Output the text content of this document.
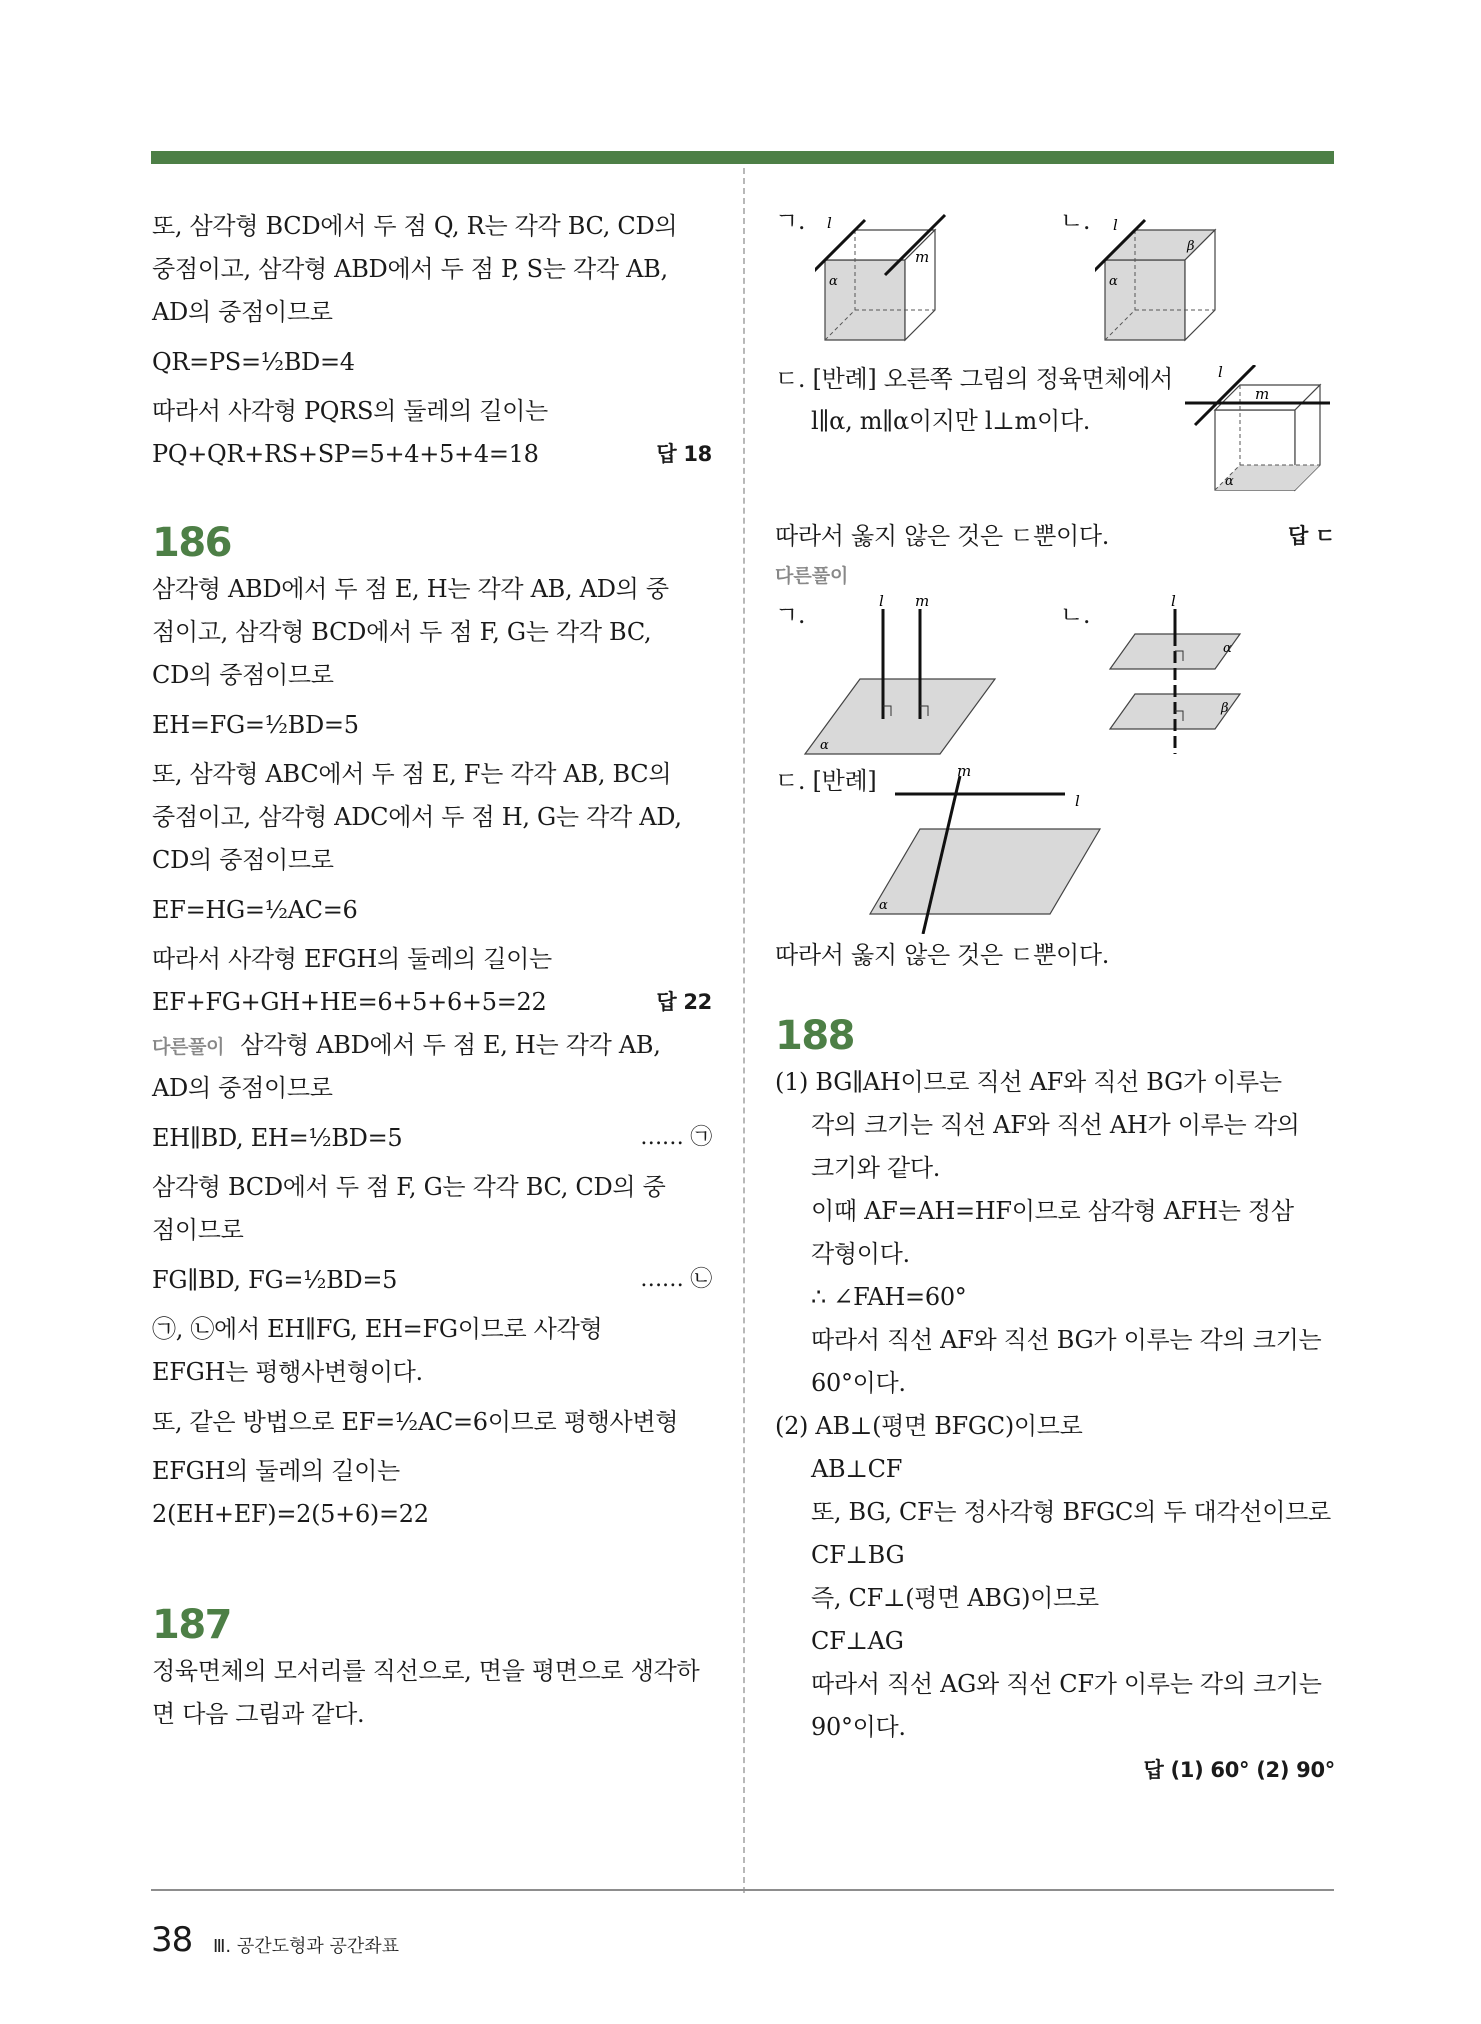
또, 삼각형 BCD에서 두 점 Q, R는 각각 BC, CD의
중점이고, 삼각형 ABD에서 두 점 P, S는 각각 AB,
AD의 중점이므로
QR=PS=½BD=4
따라서 사각형 PQRS의 둘레의 길이는
PQ+QR+RS+SP=5+4+5+4=18	답 18
186
삼각형 ABD에서 두 점 E, H는 각각 AB, AD의 중
점이고, 삼각형 BCD에서 두 점 F, G는 각각 BC,
CD의 중점이므로
EH=FG=½BD=5
또, 삼각형 ABC에서 두 점 E, F는 각각 AB, BC의
중점이고, 삼각형 ADC에서 두 점 H, G는 각각 AD,
CD의 중점이므로
EF=HG=½AC=6
따라서 사각형 EFGH의 둘레의 길이는
EF+FG+GH+HE=6+5+6+5=22	답 22
다른풀이 삼각형 ABD에서 두 점 E, H는 각각 AB,
AD의 중점이므로
EH∥BD, EH=½BD=5	…… ㉠
삼각형 BCD에서 두 점 F, G는 각각 BC, CD의 중
점이므로
FG∥BD, FG=½BD=5	…… ㉡
㉠, ㉡에서 EH∥FG, EH=FG이므로 사각형
EFGH는 평행사변형이다.
또, 같은 방법으로 EF=½AC=6이므로 평행사변형
EFGH의 둘레의 길이는
2(EH+EF)=2(5+6)=22
187
정육면체의 모서리를 직선으로, 면을 평면으로 생각하
면 다음 그림과 같다.
ㄱ. l
m
α
ㄴ. l
β
α
ㄷ. [반례] 오른쪽 그림의 정육면체에서
l∥α, m∥α이지만 l⊥m이다.
l
m
α
따라서 옳지 않은 것은 ㄷ뿐이다.	답 ㄷ
다른풀이
ㄱ.	l m
α
ㄴ.	l
α
β
ㄷ. [반례]	m
l
α
따라서 옳지 않은 것은 ㄷ뿐이다.
188
(1) BG∥AH이므로 직선 AF와 직선 BG가 이루는
각의 크기는 직선 AF와 직선 AH가 이루는 각의
크기와 같다.
이때 AF=AH=HF이므로 삼각형 AFH는 정삼
각형이다.
∴ ∠FAH=60°
따라서 직선 AF와 직선 BG가 이루는 각의 크기는
60°이다.
(2) AB⊥(평면 BFGC)이므로
AB⊥CF
또, BG, CF는 정사각형 BFGC의 두 대각선이므로
CF⊥BG
즉, CF⊥(평면 ABG)이므로
CF⊥AG
따라서 직선 AG와 직선 CF가 이루는 각의 크기는
90°이다.
답 (1) 60° (2) 90°
38 Ⅲ. 공간도형과 공간좌표
